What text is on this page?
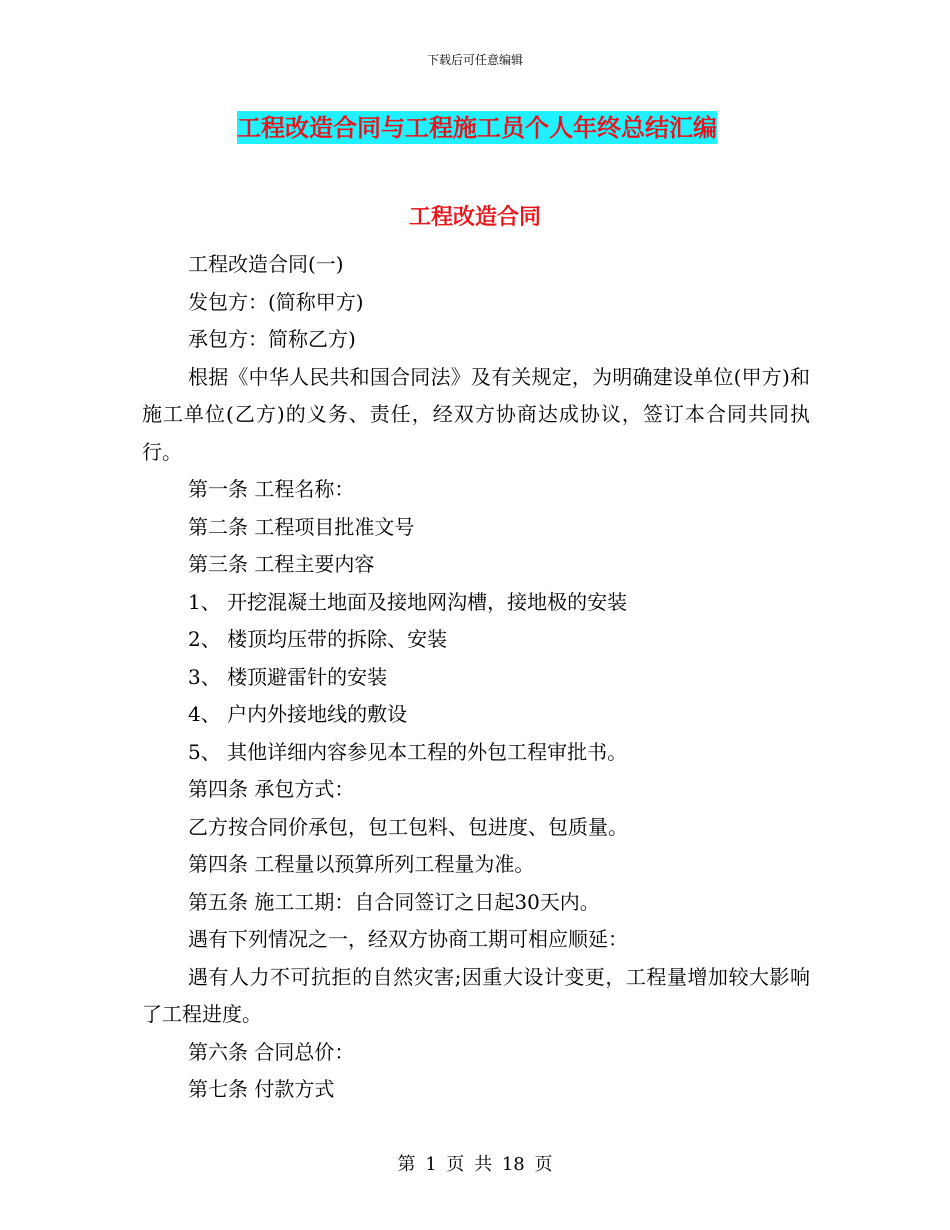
下载后可任意编辑
工程改造合同与工程施工员个人年终总结汇编
工程改造合同

工程改造合同(一)

发包方：(简称甲方)

承包方：简称乙方)

根据《中华人民共和国合同法》及有关规定，为明确建设单位(甲方)和施工单位(乙方)的义务、责任，经双方协商达成协议，签订本合同共同执行。

第一条 工程名称：

第二条 工程项目批准文号

第三条 工程主要内容

1、 开挖混凝土地面及接地网沟槽，接地极的安装

2、 楼顶均压带的拆除、安装

3、 楼顶避雷针的安装

4、 户内外接地线的敷设

5、 其他详细内容参见本工程的外包工程审批书。

第四条 承包方式：

乙方按合同价承包，包工包料、包进度、包质量。

第四条 工程量以预算所列工程量为准。

第五条 施工工期：自合同签订之日起30天内。

遇有下列情况之一，经双方协商工期可相应顺延：

遇有人力不可抗拒的自然灾害;因重大设计变更，工程量增加较大影响了工程进度。

第六条 合同总价：

第七条 付款方式

第 1 页 共 18 页
